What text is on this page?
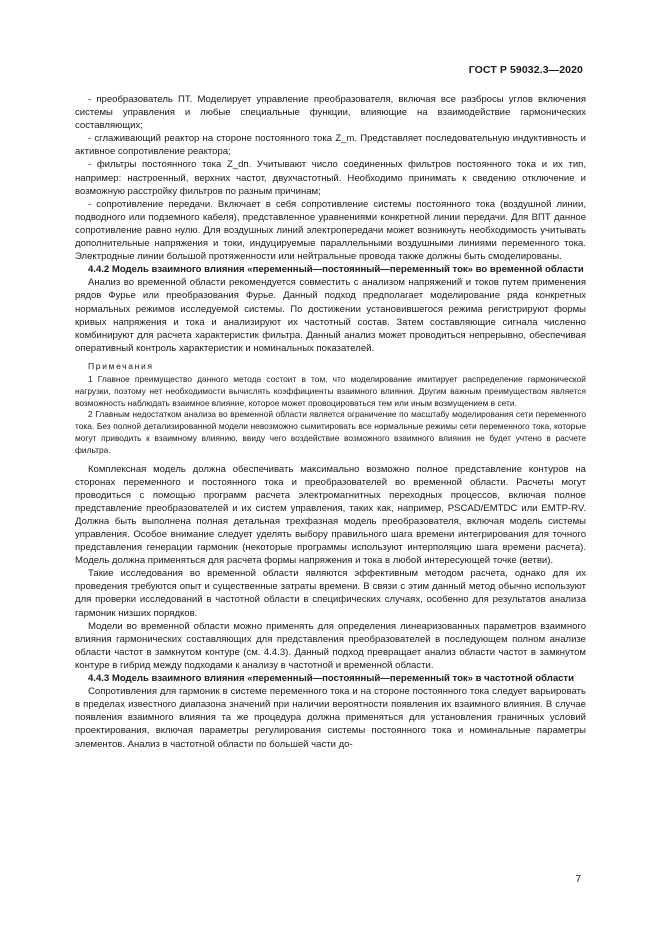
ГОСТ Р 59032.3—2020

- преобразователь ПТ. Моделирует управление преобразователя, включая все разбросы углов включения системы управления и любые специальные функции, влияющие на взаимодействие гармонических составляющих;

- сглаживающий реактор на стороне постоянного тока Z_m. Представляет последовательную индуктивность и активное сопротивление реактора;

- фильтры постоянного тока Z_dп. Учитывают число соединенных фильтров постоянного тока и их тип, например: настроенный, верхних частот, двухчастотный. Необходимо принимать к сведению отключение и возможную расстройку фильтров по разным причинам;

- сопротивление передачи. Включает в себя сопротивление системы постоянного тока (воздушной линии, подводного или подземного кабеля), представленное уравнениями конкретной линии передачи. Для ВПТ данное сопротивление равно нулю. Для воздушных линий электропередачи может возникнуть необходимость учитывать дополнительные напряжения и токи, индуцируемые параллельными воздушными линиями переменного тока. Электродные линии большой протяженности или нейтральные провода также должны быть смоделированы.

4.4.2 Модель взаимного влияния «переменный—постоянный—переменный ток» во временной области

Анализ во временной области рекомендуется совместить с анализом напряжений и токов путем применения рядов Фурье или преобразования Фурье. Данный подход предполагает моделирование ряда конкретных нормальных режимов исследуемой системы. По достижении установившегося режима регистрируют формы кривых напряжения и тока и анализируют их частотный состав. Затем составляющие сигнала численно комбинируют для расчета характеристик фильтра. Данный анализ может проводиться непрерывно, обеспечивая оперативный контроль характеристик и номинальных показателей.

Примечания

1 Главное преимущество данного метода состоит в том, что моделирование имитирует распределение гармонической нагрузки, поэтому нет необходимости вычислять коэффициенты взаимного влияния. Другим важным преимуществом является возможность наблюдать взаимное влияние, которое может провоцироваться тем или иным возмущением в сети.

2 Главным недостатком анализа во временной области является ограничение по масштабу моделирования сети переменного тока. Без полной детализированной модели невозможно сымитировать все нормальные режимы сети переменного тока, которые могут приводить к взаимному влиянию, ввиду чего воздействие возможного взаимного влияния не будет учтено в расчете фильтра.

Комплексная модель должна обеспечивать максимально возможно полное представление контуров на сторонах переменного и постоянного тока и преобразователей во временной области. Расчеты могут проводиться с помощью программ расчета электромагнитных переходных процессов, включая полное представление преобразователей и их систем управления, таких как, например, PSCAD/EMTDC или EMTP-RV. Должна быть выполнена полная детальная трехфазная модель преобразователя, включая модель системы управления. Особое внимание следует уделять выбору правильного шага времени интегрирования для точного представления генерации гармоник (некоторые программы используют интерполяцию шага времени расчета). Модель должна применяться для расчета формы напряжения и тока в любой интересующей точке (ветви).

Такие исследования во временной области являются эффективным методом расчета, однако для их проведения требуются опыт и существенные затраты времени. В связи с этим данный метод обычно используют для проверки исследований в частотной области в специфических случаях, особенно для результатов анализа гармоник низших порядков.

Модели во временной области можно применять для определения линеаризованных параметров взаимного влияния гармонических составляющих для представления преобразователей в последующем полном анализе области частот в замкнутом контуре (см. 4.4.3). Данный подход превращает анализ области частот в замкнутом контуре в гибрид между подходами к анализу в частотной и временной области.

4.4.3 Модель взаимного влияния «переменный—постоянный—переменный ток» в частотной области

Сопротивления для гармоник в системе переменного тока и на стороне постоянного тока следует варьировать в пределах известного диапазона значений при наличии вероятности появления их взаимного влияния. В случае появления взаимного влияния та же процедура должна применяться для установления граничных условий проектирования, включая параметры регулирования системы постоянного тока и номинальные параметры элементов. Анализ в частотной области по большей части до-

7
